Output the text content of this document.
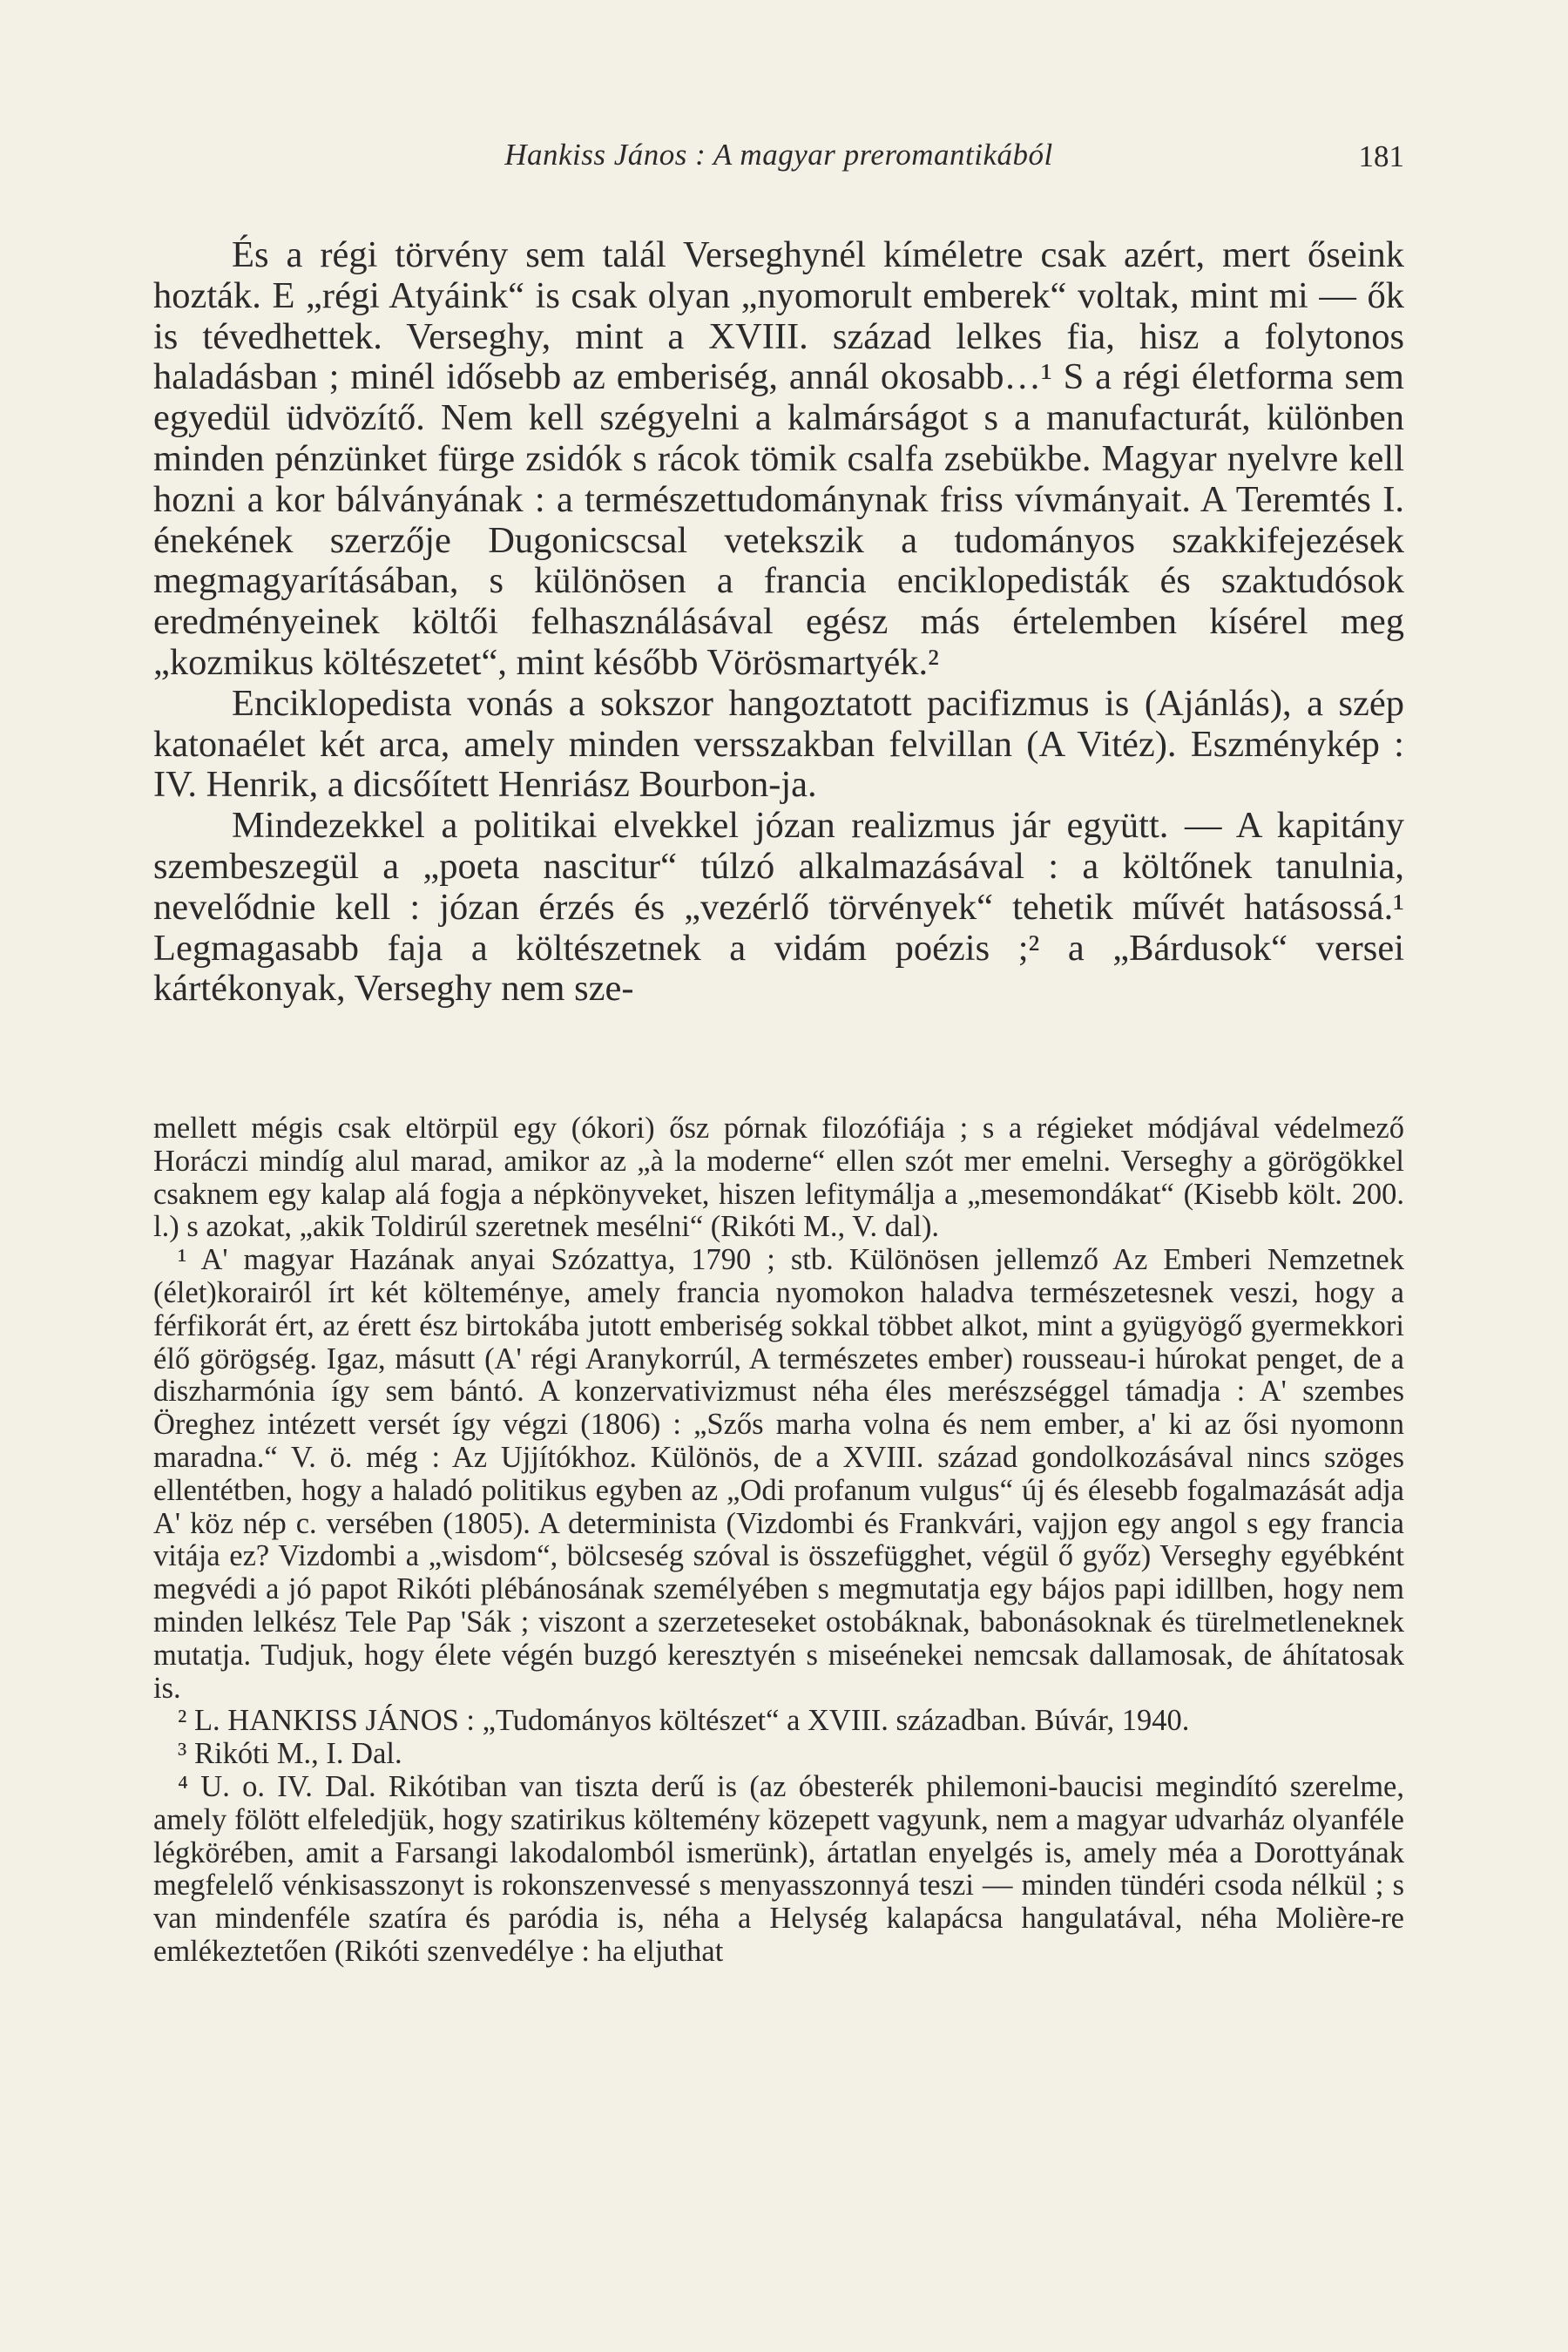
Hankiss János : A magyar preromantikából	181

És a régi törvény sem talál Verseghynél kíméletre csak azért, mert őseink hozták. E „régi Atyáink“ is csak olyan „nyomorult emberek“ voltak, mint mi — ők is tévedhettek. Verseghy, mint a XVIII. század lelkes fia, hisz a folytonos haladásban ; minél idősebb az emberiség, annál okosabb…¹ S a régi életforma sem egyedül üdvözítő. Nem kell szégyelni a kalmárságot s a manufacturát, különben minden pénzünket fürge zsidók s rácok tömik csalfa zsebükbe. Magyar nyelvre kell hozni a kor bálványának : a természettudománynak friss vívmányait. A Teremtés I. énekének szerzője Dugonicscsal vetekszik a tudományos szakkifejezések megmagyarításában, s különösen a francia enciklopedisták és szaktudósok eredményeinek költői felhasználásával egész más értelemben kísérel meg „kozmikus költészetet“, mint később Vörösmartyék.²

Enciklopedista vonás a sokszor hangoztatott pacifizmus is (Ajánlás), a szép katonaélet két arca, amely minden versszakban felvillan (A Vitéz). Eszménykép : IV. Henrik, a dicsőített Henriász Bourbon-ja.

Mindezekkel a politikai elvekkel józan realizmus jár együtt. — A kapitány szembeszegül a „poeta nascitur“ túlzó alkalmazásával : a költőnek tanulnia, nevelődnie kell : józan érzés és „vezérlő törvények“ tehetik művét hatásossá.¹ Legmagasabb faja a költészetnek a vidám poézis ;² a „Bárdusok“ versei kártékonyak, Verseghy nem sze-

mellett mégis csak eltörpül egy (ókori) ősz pórnak filozófiája ; s a régieket módjával védelmező Horáczi mindíg alul marad, amikor az „à la moderne“ ellen szót mer emelni. Verseghy a görögökkel csaknem egy kalap alá fogja a népkönyveket, hiszen lefitymálja a „mesemondákat“ (Kisebb költ. 200. l.) s azokat, „akik Toldirúl szeretnek mesélni“ (Rikóti M., V. dal).

¹ A' magyar Hazának anyai Szózattya, 1790 ; stb. Különösen jellemző Az Emberi Nemzetnek (élet)korairól írt két költeménye, amely francia nyomokon haladva természetesnek veszi, hogy a férfikorát ért, az érett ész birtokába jutott emberiség sokkal többet alkot, mint a gyügyögő gyermekkori élő görögség. Igaz, másutt (A' régi Aranykorrúl, A természetes ember) rousseau-i húrokat penget, de a diszharmónia így sem bántó. A konzervativizmust néha éles merészséggel támadja : A' szembes Öreghez intézett versét így végzi (1806) : „Szős marha volna és nem ember, a' ki az ősi nyomonn maradna.“ V. ö. még : Az Ujjítókhoz. Különös, de a XVIII. század gondolkozásával nincs szöges ellentétben, hogy a haladó politikus egyben az „Odi profanum vulgus“ új és élesebb fogalmazását adja A' köz nép c. versében (1805). A determinista (Vizdombi és Frankvári, vajjon egy angol s egy francia vitája ez? Vizdombi a „wisdom“, bölcseség szóval is összefügghet, végül ő győz) Verseghy egyébként megvédi a jó papot Rikóti plébánosának személyében s megmutatja egy bájos papi idillben, hogy nem minden lelkész Tele Pap 'Sák ; viszont a szerzeteseket ostobáknak, babonásoknak és türelmetleneknek mutatja. Tudjuk, hogy élete végén buzgó keresztyén s miseénekei nemcsak dallamosak, de áhítatosak is.

² L. HANKISS JÁNOS : „Tudományos költészet“ a XVIII. században. Búvár, 1940.

³ Rikóti M., I. Dal.

⁴ U. o. IV. Dal. Rikótiban van tiszta derű is (az óbesterék philemoni-baucisi megindító szerelme, amely fölött elfeledjük, hogy szatirikus költemény közepett vagyunk, nem a magyar udvarház olyanféle légkörében, amit a Farsangi lakodalomból ismerünk), ártatlan enyelgés is, amely méa a Dorottyának megfelelő vénkisasszonyt is rokonszenvessé s menyasszonnyá teszi — minden tündéri csoda nélkül ; s van mindenféle szatíra és paródia is, néha a Helység kalapácsa hangulatával, néha Molière-re emlékeztetően (Rikóti szenvedélye : ha eljuthat
